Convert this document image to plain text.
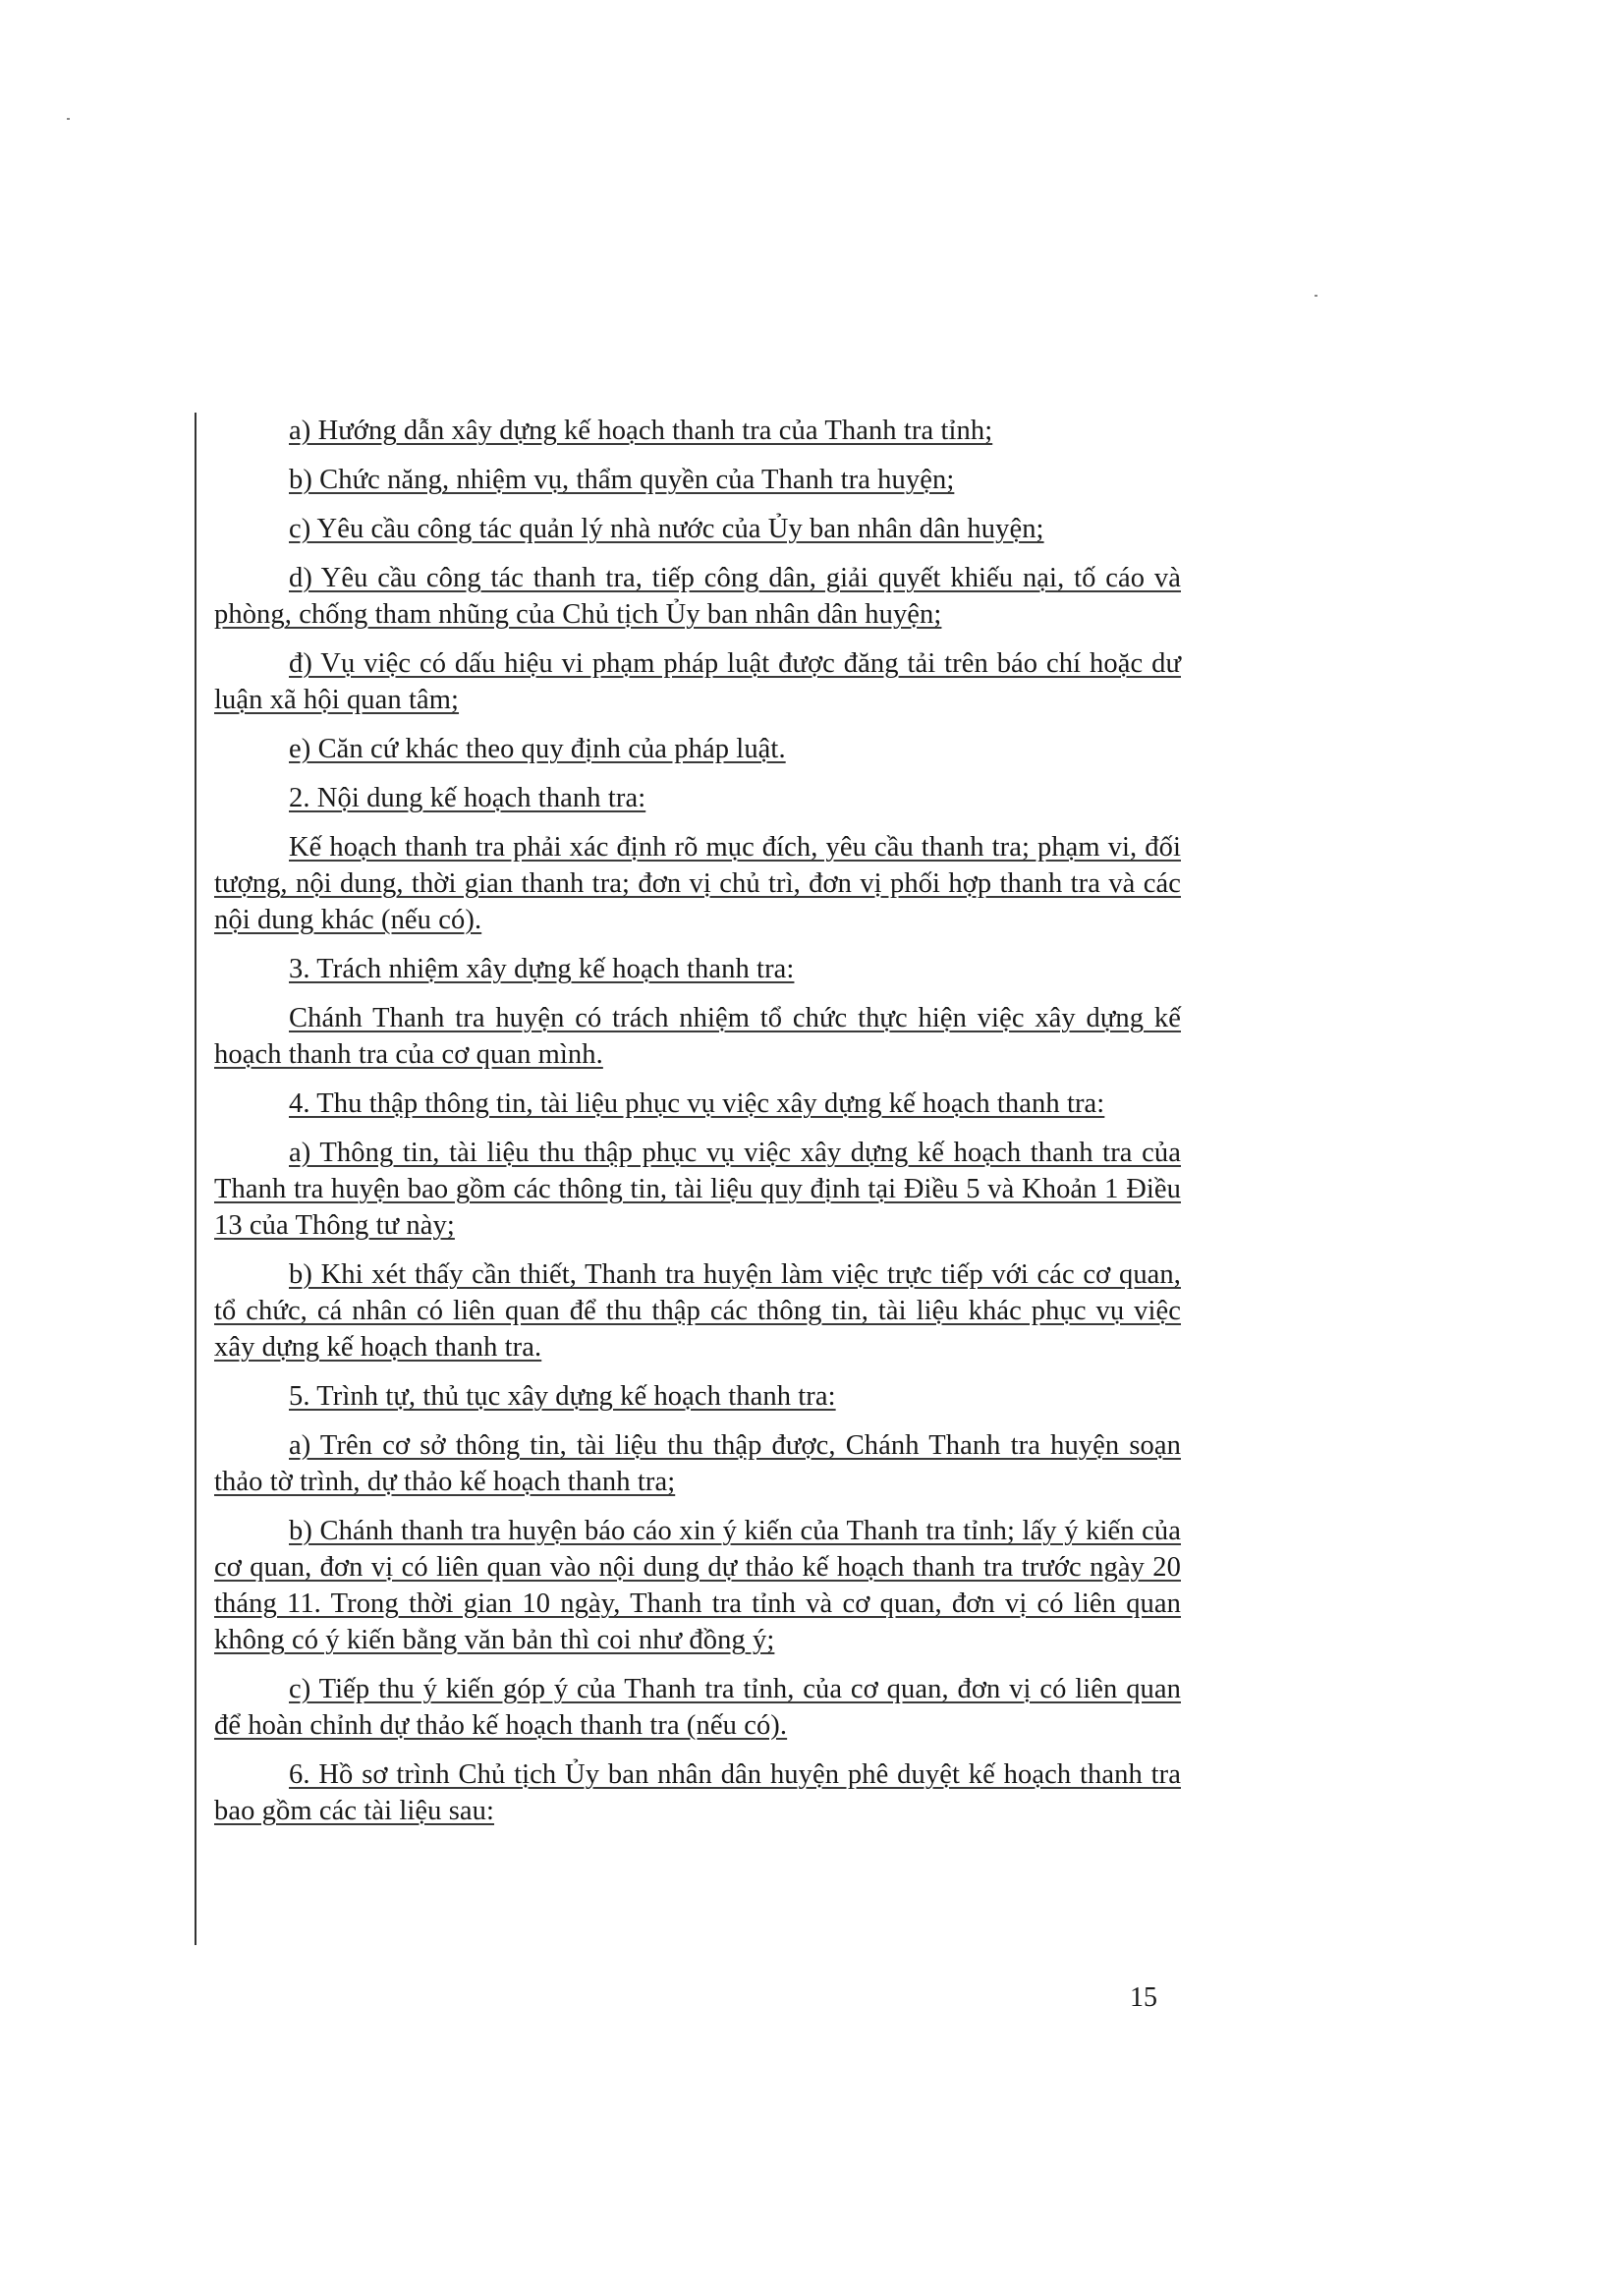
a) Hướng dẫn xây dựng kế hoạch thanh tra của Thanh tra tỉnh;

b) Chức năng, nhiệm vụ, thẩm quyền của Thanh tra huyện;

c) Yêu cầu công tác quản lý nhà nước của Ủy ban nhân dân huyện;

d) Yêu cầu công tác thanh tra, tiếp công dân, giải quyết khiếu nại, tố cáo và phòng, chống tham nhũng của Chủ tịch Ủy ban nhân dân huyện;

đ) Vụ việc có dấu hiệu vi phạm pháp luật được đăng tải trên báo chí hoặc dư luận xã hội quan tâm;

e) Căn cứ khác theo quy định của pháp luật.

2. Nội dung kế hoạch thanh tra:

Kế hoạch thanh tra phải xác định rõ mục đích, yêu cầu thanh tra; phạm vi, đối tượng, nội dung, thời gian thanh tra; đơn vị chủ trì, đơn vị phối hợp thanh tra và các nội dung khác (nếu có).

3. Trách nhiệm xây dựng kế hoạch thanh tra:

Chánh Thanh tra huyện có trách nhiệm tổ chức thực hiện việc xây dựng kế hoạch thanh tra của cơ quan mình.

4. Thu thập thông tin, tài liệu phục vụ việc xây dựng kế hoạch thanh tra:

a) Thông tin, tài liệu thu thập phục vụ việc xây dựng kế hoạch thanh tra của Thanh tra huyện bao gồm các thông tin, tài liệu quy định tại Điều 5 và Khoản 1 Điều 13 của Thông tư này;

b) Khi xét thấy cần thiết, Thanh tra huyện làm việc trực tiếp với các cơ quan, tổ chức, cá nhân có liên quan để thu thập các thông tin, tài liệu khác phục vụ việc xây dựng kế hoạch thanh tra.

5. Trình tự, thủ tục xây dựng kế hoạch thanh tra:

a) Trên cơ sở thông tin, tài liệu thu thập được, Chánh Thanh tra huyện soạn thảo tờ trình, dự thảo kế hoạch thanh tra;

b) Chánh thanh tra huyện báo cáo xin ý kiến của Thanh tra tỉnh; lấy ý kiến của cơ quan, đơn vị có liên quan vào nội dung dự thảo kế hoạch thanh tra trước ngày 20 tháng 11. Trong thời gian 10 ngày, Thanh tra tỉnh và cơ quan, đơn vị có liên quan không có ý kiến bằng văn bản thì coi như đồng ý;

c) Tiếp thu ý kiến góp ý của Thanh tra tỉnh, của cơ quan, đơn vị có liên quan để hoàn chỉnh dự thảo kế hoạch thanh tra (nếu có).

6. Hồ sơ trình Chủ tịch Ủy ban nhân dân huyện phê duyệt kế hoạch thanh tra bao gồm các tài liệu sau:

15
